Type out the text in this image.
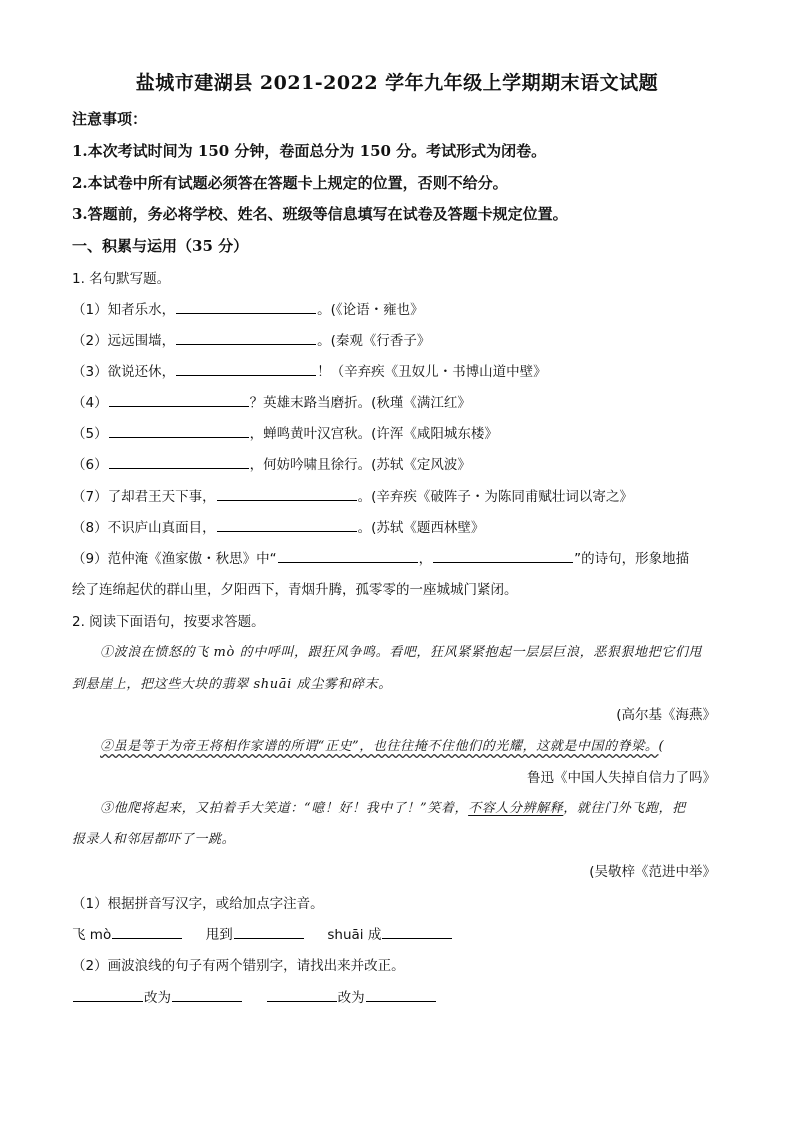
盐城市建湖县 2021-2022 学年九年级上学期期末语文试题
注意事项：
1.本次考试时间为 150 分钟，卷面总分为 150 分。考试形式为闭卷。
2.本试卷中所有试题必须答在答题卡上规定的位置，否则不给分。
3.答题前，务必将学校、姓名、班级等信息填写在试卷及答题卡规定位置。
一、积累与运用（35 分）
1. 名句默写题。
（1）知者乐水，	。(《论语・雍也》
（2）远远围墙，	。(秦观《行香子》
（3）欲说还休，	！（辛弃疾《丑奴儿・书博山道中壁》
（4）	？英雄末路当磨折。(秋瑾《满江红》
（5）	，蝉鸣黄叶汉宫秋。(许浑《咸阳城东楼》
（6）	，何妨吟啸且徐行。(苏轼《定风波》
（7）了却君王天下事，	。(辛弃疾《破阵子・为陈同甫赋壮词以寄之》
（8）不识庐山真面目，	。(苏轼《题西林壁》
（9）范仲淹《渔家傲・秋思》中“	，	”的诗句，形象地描
绘了连绵起伏的群山里，夕阳西下，青烟升腾，孤零零的一座城城门紧闭。
2. 阅读下面语句，按要求答题。
①波浪在愤怒的飞 mò 的中呼叫，跟狂风争鸣。看吧，狂风紧紧抱起一层层巨浪，恶狠狠地把它们甩
到悬崖上，把这些大块的翡翠 shuāi 成尘雾和碎末。
(高尔基《海燕》
②虽是等于为帝王将相作家谱的所谓“正史”，也往往掩不住他们的光耀，这就是中国的脊梁。(
鲁迅《中国人失掉自信力了吗》
③他爬将起来，又拍着手大笑道：“噫！好！我中了！”笑着，不容人分辨解释，就往门外飞跑，把
报录人和邻居都吓了一跳。
(吴敬梓《范进中举》
（1）根据拼音写汉字，或给加点字注音。
飞 mò	甩到	shuāi 成
（2）画波浪线的句子有两个错别字，请找出来并改正。
改为	改为
